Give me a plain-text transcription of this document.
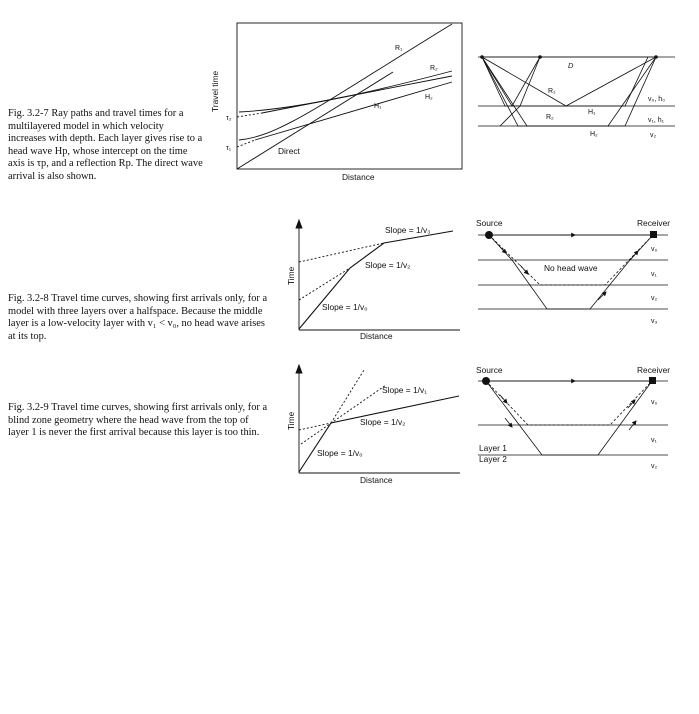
Fig. 3.2-7 Ray paths and travel times for a multilayered model in which velocity increases with depth. Each layer gives rise to a head wave Hp, whose intercept on the time axis is τp, and a reflection Rp. The direct wave arrival is also shown.
Fig. 3.2-8 Travel time curves, showing first arrivals only, for a model with three layers over a halfspace. Because the middle layer is a low-velocity layer with v₁ < v₀, no head wave arises at its top.
Fig. 3.2-9 Travel time curves, showing first arrivals only, for a blind zone geometry where the head wave from the top of layer 1 is never the first arrival because this layer is too thin.
Travel time
Distance
τ₂
τ₁	Direct
R₁
R₂
H₁
H₂
D
R₁
R₂
H₁
H₂
v₀, h₀
v₁, h₁
v₂
Time
Distance
Slope = 1/v₃
Slope = 1/v₂
Slope = 1/v₀
Source	Receiver
No head wave
v₀
v₁
v₂
v₃
Time
Distance
Slope = 1/v₁
Slope = 1/v₂
Slope = 1/v₀
Source	Receiver
Layer 1
Layer 2
v₀
v₁
v₂
